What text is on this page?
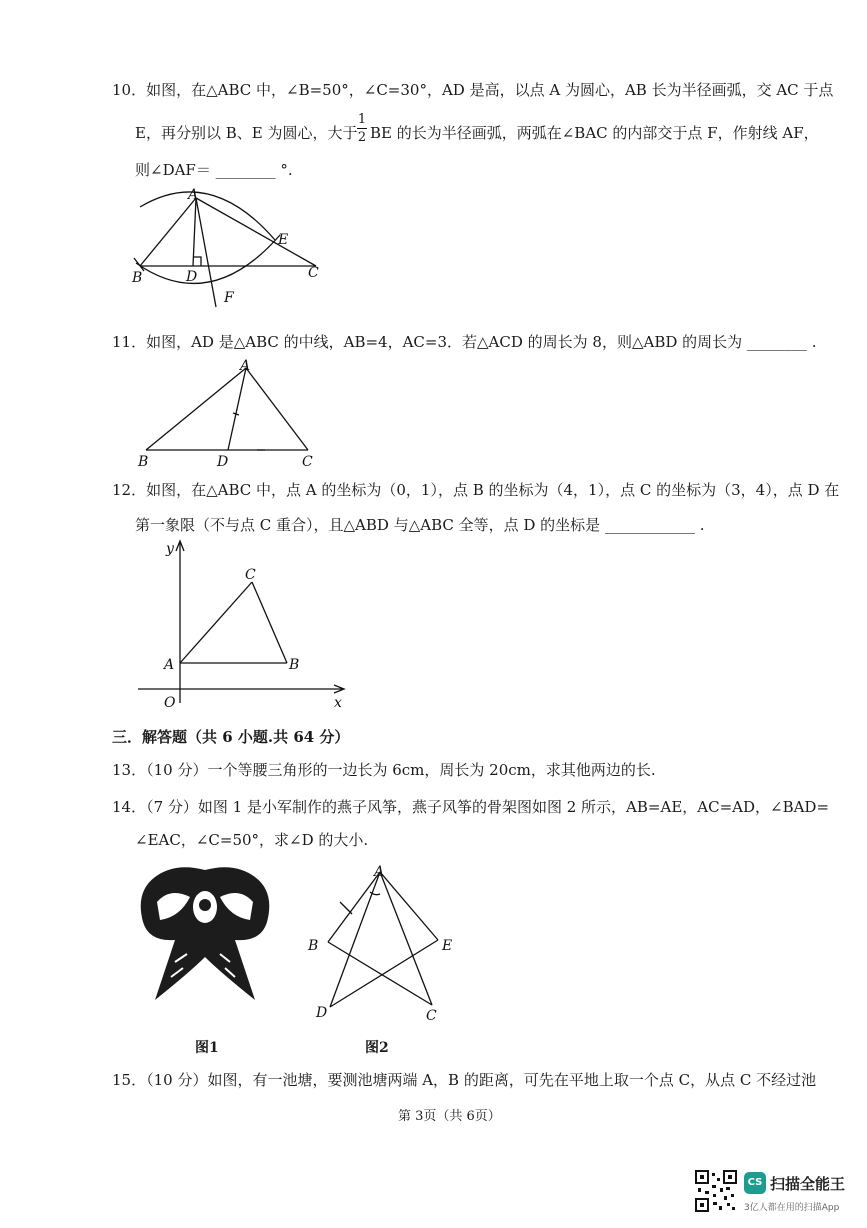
10．如图，在△ABC 中，∠B=50°，∠C=30°，AD 是高，以点 A 为圆心，AB 长为半径画弧，交 AC 于点
E，再分别以 B、E 为圆心，大于
1
2 BE 的长为半径画弧，两弧在∠BAC 的内部交于点 F，作射线 AF，
则∠DAF＝ ________ °.
A
B	C
D
E
F
11．如图，AD 是△ABC 的中线，AB=4，AC=3．若△ACD 的周长为 8，则△ABD 的周长为 ________ .
A
B	D	C
12．如图，在△ABC 中，点 A 的坐标为（0，1），点 B 的坐标为（4，1），点 C 的坐标为（3，4），点 D 在
第一象限（不与点 C 重合），且△ABD 与△ABC 全等，点 D 的坐标是 ____________ .
y
x
O
A	B
C
三．解答题（共 6 小题.共 64 分）
13．（10 分）一个等腰三角形的一边长为 6cm，周长为 20cm，求其他两边的长.
14．（7 分）如图 1 是小军制作的燕子风筝，燕子风筝的骨架图如图 2 所示，AB=AE，AC=AD，∠BAD=
∠EAC，∠C=50°，求∠D 的大小.
A
B	E
D	C
图1	图2
15．（10 分）如图，有一池塘，要测池塘两端 A，B 的距离，可先在平地上取一个点 C，从点 C 不经过池
第 3页（共 6页）
CS 扫描全能王
3亿人都在用的扫描App
